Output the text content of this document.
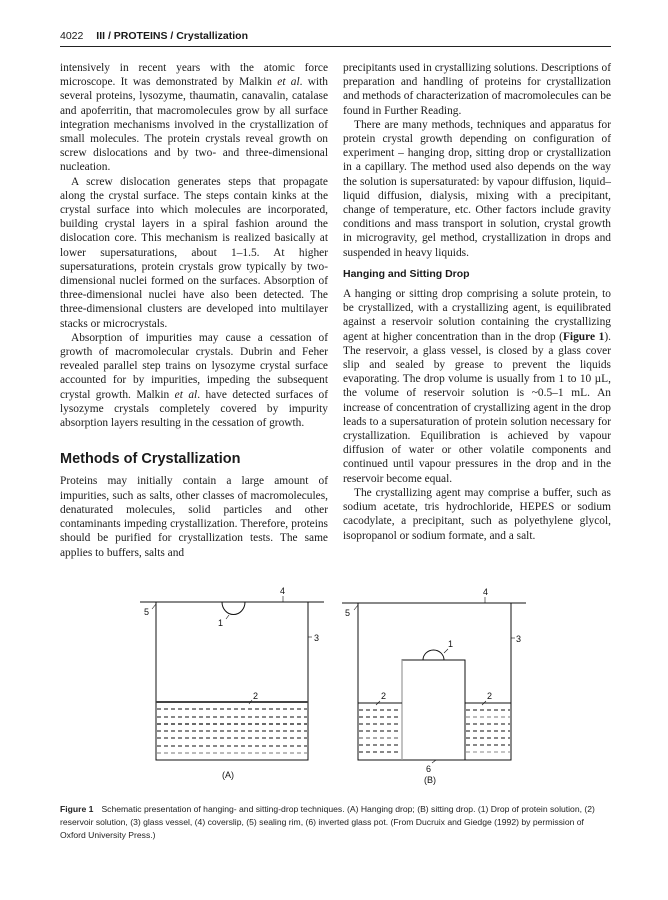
4022 III / PROTEINS / Crystallization

intensively in recent years with the atomic force microscope. It was demonstrated by Malkin et al. with several proteins, lysozyme, thaumatin, canavalin, catalase and apoferritin, that macromolecules grow by all surface integration mechanisms involved in the crystallization of small molecules. The protein crystals reveal growth on screw dislocations and by two- and three-dimensional nucleation.

A screw dislocation generates steps that propagate along the crystal surface. The steps contain kinks at the crystal surface into which molecules are incorporated, building crystal layers in a spiral fashion around the dislocation core. This mechanism is realized basically at lower supersaturations, about 1–1.5. At higher supersaturations, protein crystals grow typically by two-dimensional nuclei formed on the surfaces. Absorption of three-dimensional nuclei have also been detected. The three-dimensional clusters are developed into multilayer stacks or microcrystals.

Absorption of impurities may cause a cessation of growth of macromolecular crystals. Dubrin and Feher revealed parallel step trains on lysozyme crystal surface accounted for by impurities, impeding the subsequent crystal growth. Malkin et al. have detected surfaces of lysozyme crystals completely covered by impurity absorption layers resulting in the cessation of growth.

Methods of Crystallization

Proteins may initially contain a large amount of impurities, such as salts, other classes of macromolecules, denaturated molecules, solid particles and other contaminants impeding crystallization. Therefore, proteins should be purified for crystallization tests. The same applies to buffers, salts and

precipitants used in crystallizing solutions. Descriptions of preparation and handling of proteins for crystallization and methods of characterization of macromolecules can be found in Further Reading.

There are many methods, techniques and apparatus for protein crystal growth depending on configuration of experiment – hanging drop, sitting drop or crystallization in a capillary. The method used also depends on the way the solution is supersaturated: by vapour diffusion, liquid–liquid diffusion, dialysis, mixing with a precipitant, change of temperature, etc. Other factors include gravity conditions and mass transport in solution, crystal growth in microgravity, gel method, crystallization in drops and suspended in heavy liquids.

Hanging and Sitting Drop

A hanging or sitting drop comprising a solute protein, to be crystallized, with a crystallizing agent, is equilibrated against a reservoir solution containing the crystallizing agent at higher concentration than in the drop (Figure 1). The reservoir, a glass vessel, is closed by a glass cover slip and sealed by grease to prevent the liquids evaporating. The drop volume is usually from 1 to 10 µL, the volume of reservoir solution is ~0.5–1 mL. An increase of concentration of crystallizing agent in the drop leads to a supersaturation of protein solution necessary for crystallization. Equilibration is achieved by vapour diffusion of water or other volatile components and continued until vapour pressures in the drop and in the reservoir become equal.

The crystallizing agent may comprise a buffer, such as sodium acetate, tris hydrochloride, HEPES or sodium cacodylate, a precipitant, such as polyethylene glycol, isopropanol or sodium formate, and a salt.

5
1
4
3
2
(A)
5
1
4
3
2	2
6
(B)
Figure 1 Schematic presentation of hanging- and sitting-drop techniques. (A) Hanging drop; (B) sitting drop. (1) Drop of protein solution, (2) reservoir solution, (3) glass vessel, (4) coverslip, (5) sealing rim, (6) inverted glass pot. (From Ducruix and Giedge (1992) by permission of Oxford University Press.)
